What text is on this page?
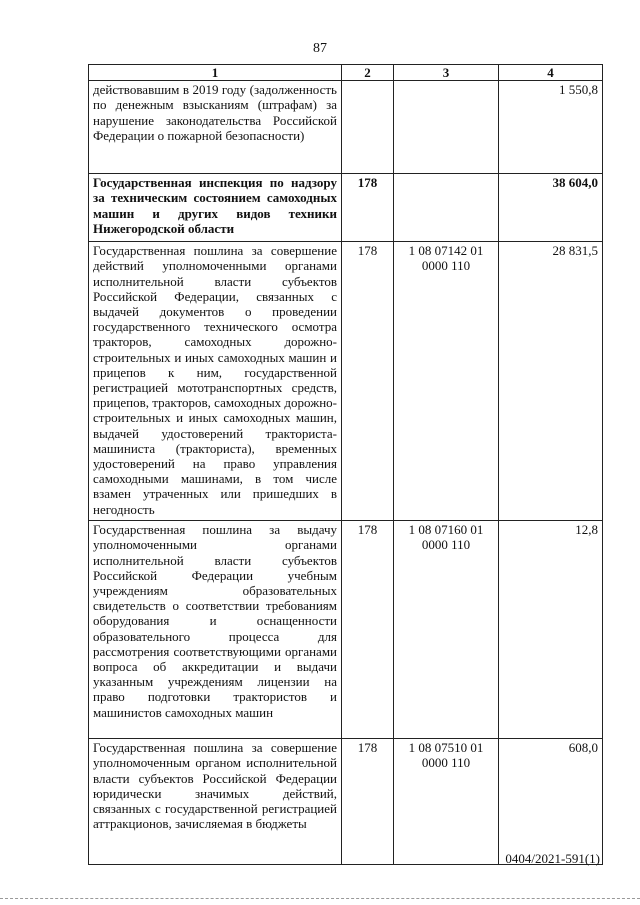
87
1	2	3	4
действовавшим в 2019 году (задолженность по денежным взысканиям (штрафам) за нарушение законодательства Российской Федерации о пожарной безопасности)			1 550,8
Государственная инспекция по надзору за техническим состоянием самоходных машин и других видов техники Нижегородской области	178		38 604,0
Государственная пошлина за совершение действий уполномоченными органами исполнительной власти субъектов Российской Федерации, связанных с выдачей документов о проведении государственного технического осмотра тракторов, самоходных дорожно-строительных и иных самоходных машин и прицепов к ним, государственной регистрацией мототранспортных средств, прицепов, тракторов, самоходных дорожно-строительных и иных самоходных машин, выдачей удостоверений тракториста-машиниста (тракториста), временных удостоверений на право управления самоходными машинами, в том числе взамен утраченных или пришедших в негодность	178	1 08 07142 01 0000 110	28 831,5
Государственная пошлина за выдачу уполномоченными органами исполнительной власти субъектов Российской Федерации учебным учреждениям образовательных свидетельств о соответствии требованиям оборудования и оснащенности образовательного процесса для рассмотрения соответствующими органами вопроса об аккредитации и выдачи указанным учреждениям лицензии на право подготовки трактористов и машинистов самоходных машин	178	1 08 07160 01 0000 110	12,8
Государственная пошлина за совершение уполномоченным органом исполнительной власти субъектов Российской Федерации юридически значимых действий, связанных с государственной регистрацией аттракционов, зачисляемая в бюджеты	178	1 08 07510 01 0000 110	608,0
0404/2021-591(1)
